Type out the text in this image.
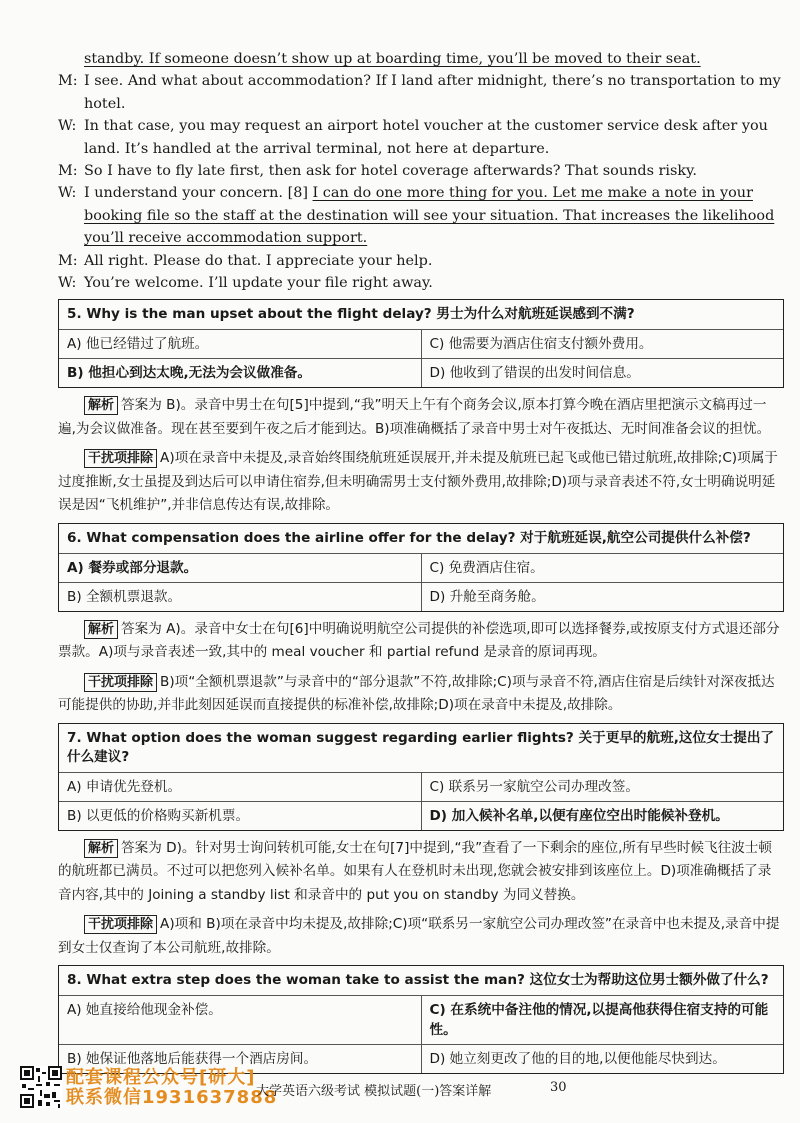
standby. If someone doesn’t show up at boarding time, you’ll be moved to their seat.
M: I see. And what about accommodation? If I land after midnight, there’s no transportation to my hotel.
W: In that case, you may request an airport hotel voucher at the customer service desk after you land. It’s handled at the arrival terminal, not here at departure.
M: So I have to fly late first, then ask for hotel coverage afterwards? That sounds risky.
W: I understand your concern. [8] I can do one more thing for you. Let me make a note in your booking file so the staff at the destination will see your situation. That increases the likelihood you’ll receive accommodation support.
M: All right. Please do that. I appreciate your help.
W: You’re welcome. I’ll update your file right away.
5. Why is the man upset about the flight delay? 男士为什么对航班延误感到不满?
A) 他已经错过了航班。	C) 他需要为酒店住宿支付额外费用。
B) 他担心到达太晚,无法为会议做准备。	D) 他收到了错误的出发时间信息。
解析 答案为 B)。录音中男士在句[5]中提到,“我”明天上午有个商务会议,原本打算今晚在酒店里把演示文稿再过一遍,为会议做准备。现在甚至要到午夜之后才能到达。B)项准确概括了录音中男士对午夜抵达、无时间准备会议的担忧。
干扰项排除 A)项在录音中未提及,录音始终围绕航班延误展开,并未提及航班已起飞或他已错过航班,故排除;C)项属于过度推断,女士虽提及到达后可以申请住宿券,但未明确需男士支付额外费用,故排除;D)项与录音表述不符,女士明确说明延误是因“飞机维护”,并非信息传达有误,故排除。
6. What compensation does the airline offer for the delay? 对于航班延误,航空公司提供什么补偿?
A) 餐券或部分退款。	C) 免费酒店住宿。
B) 全额机票退款。	D) 升舱至商务舱。
解析 答案为 A)。录音中女士在句[6]中明确说明航空公司提供的补偿选项,即可以选择餐券,或按原支付方式退还部分票款。A)项与录音表述一致,其中的 meal voucher 和 partial refund 是录音的原词再现。
干扰项排除 B)项“全额机票退款”与录音中的“部分退款”不符,故排除;C)项与录音不符,酒店住宿是后续针对深夜抵达可能提供的协助,并非此刻因延误而直接提供的标准补偿,故排除;D)项在录音中未提及,故排除。
7. What option does the woman suggest regarding earlier flights? 关于更早的航班,这位女士提出了什么建议?
A) 申请优先登机。	C) 联系另一家航空公司办理改签。
B) 以更低的价格购买新机票。	D) 加入候补名单,以便有座位空出时能候补登机。
解析 答案为 D)。针对男士询问转机可能,女士在句[7]中提到,“我”查看了一下剩余的座位,所有早些时候飞往波士顿的航班都已满员。不过可以把您列入候补名单。如果有人在登机时未出现,您就会被安排到该座位上。D)项准确概括了录音内容,其中的 Joining a standby list 和录音中的 put you on standby 为同义替换。
干扰项排除 A)项和 B)项在录音中均未提及,故排除;C)项“联系另一家航空公司办理改签”在录音中也未提及,录音中提到女士仅查询了本公司航班,故排除。
8. What extra step does the woman take to assist the man? 这位女士为帮助这位男士额外做了什么?
A) 她直接给他现金补偿。	C) 在系统中备注他的情况,以提高他获得住宿支持的可能性。
B) 她保证他落地后能获得一个酒店房间。	D) 她立刻更改了他的目的地,以便他能尽快到达。
配套课程公众号[研大]
联系微信1931637888
大学英语六级考试 模拟试题(一)答案详解	30
